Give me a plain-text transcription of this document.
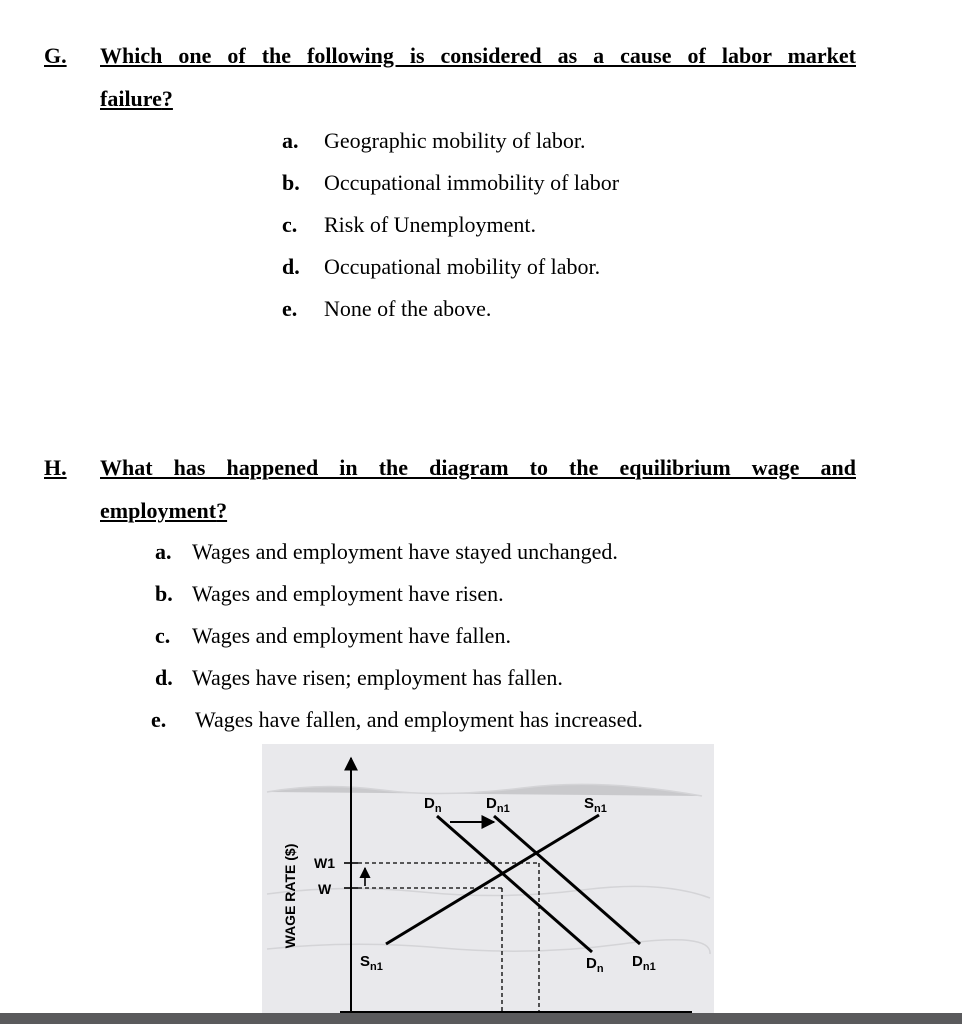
G. Which one of the following is considered as a cause of labor market
failure?
a. Geographic mobility of labor.
b. Occupational immobility of labor
c. Risk of Unemployment.
d. Occupational mobility of labor.
e. None of the above.
H. What has happened in the diagram to the equilibrium wage and
employment?
a. Wages and employment have stayed unchanged.
b. Wages and employment have risen.
c. Wages and employment have fallen.
d. Wages have risen; employment has fallen.
e. Wages have fallen, and employment has increased.
WAGE RATE ($) W1
W
$D_n$	$D_{n1}$	$S_{n1}$
$S_{n1}$	$D_n$ $D_{n1}$
